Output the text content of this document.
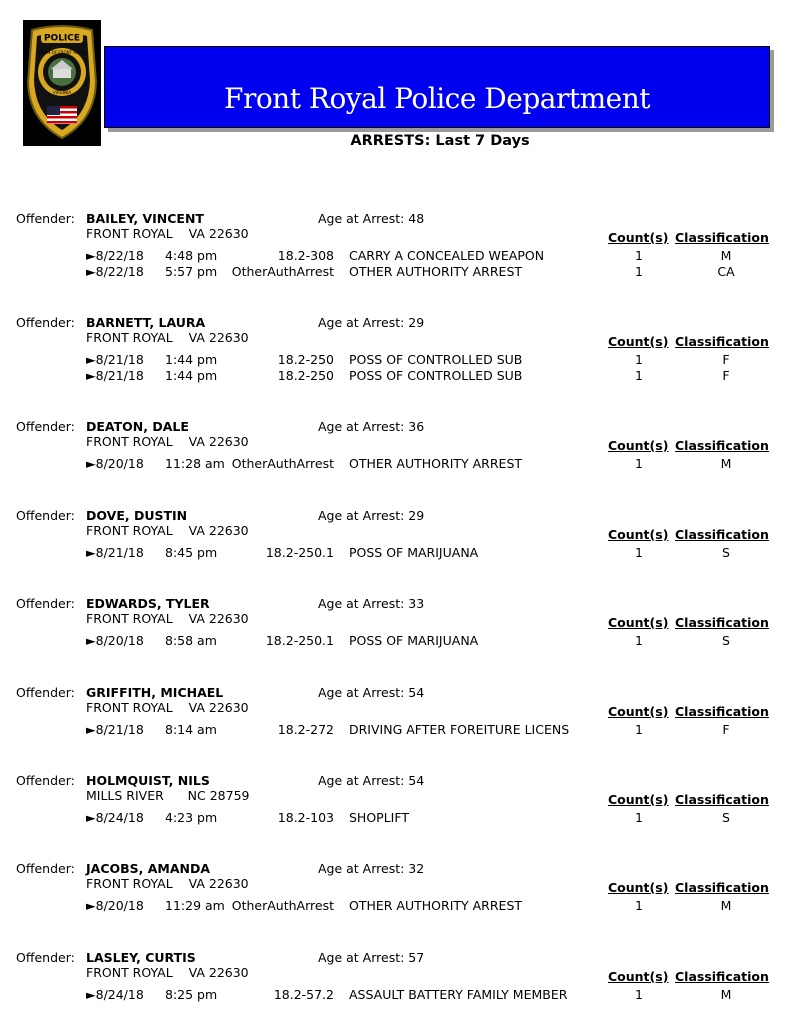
POLICE
TOWN OF FRONT ROYAL
VIRGINIA	Front Royal Police Department
ARRESTS: Last 7 Days
Offender: BAILEY, VINCENT	Age at Arrest: 48
FRONT ROYAL    VA 22630	Count(s) Classification
►8/22/18 4:48 pm	18.2-308 CARRY A CONCEALED WEAPON	1	M
►8/22/18 5:57 pm OtherAuthArrest OTHER AUTHORITY ARREST	1	CA
Offender: BARNETT, LAURA	Age at Arrest: 29
FRONT ROYAL    VA 22630	Count(s) Classification
►8/21/18 1:44 pm	18.2-250 POSS OF CONTROLLED SUB	1	F
►8/21/18 1:44 pm	18.2-250 POSS OF CONTROLLED SUB	1	F
Offender: DEATON, DALE	Age at Arrest: 36
FRONT ROYAL    VA 22630	Count(s) Classification
►8/20/18 11:28 am OtherAuthArrest OTHER AUTHORITY ARREST	1	M
Offender: DOVE, DUSTIN	Age at Arrest: 29
FRONT ROYAL    VA 22630	Count(s) Classification
►8/21/18 8:45 pm	18.2-250.1 POSS OF MARIJUANA	1	S
Offender: EDWARDS, TYLER	Age at Arrest: 33
FRONT ROYAL    VA 22630	Count(s) Classification
►8/20/18 8:58 am	18.2-250.1 POSS OF MARIJUANA	1	S
Offender: GRIFFITH, MICHAEL	Age at Arrest: 54
FRONT ROYAL    VA 22630	Count(s) Classification
►8/21/18 8:14 am	18.2-272 DRIVING AFTER FOREITURE LICENS	1	F
Offender: HOLMQUIST, NILS	Age at Arrest: 54
MILLS RIVER      NC 28759	Count(s) Classification
►8/24/18 4:23 pm	18.2-103 SHOPLIFT	1	S
Offender: JACOBS, AMANDA	Age at Arrest: 32
FRONT ROYAL    VA 22630	Count(s) Classification
►8/20/18 11:29 am OtherAuthArrest OTHER AUTHORITY ARREST	1	M
Offender: LASLEY, CURTIS	Age at Arrest: 57
FRONT ROYAL    VA 22630	Count(s) Classification
►8/24/18 8:25 pm	18.2-57.2 ASSAULT BATTERY FAMILY MEMBER	1	M
